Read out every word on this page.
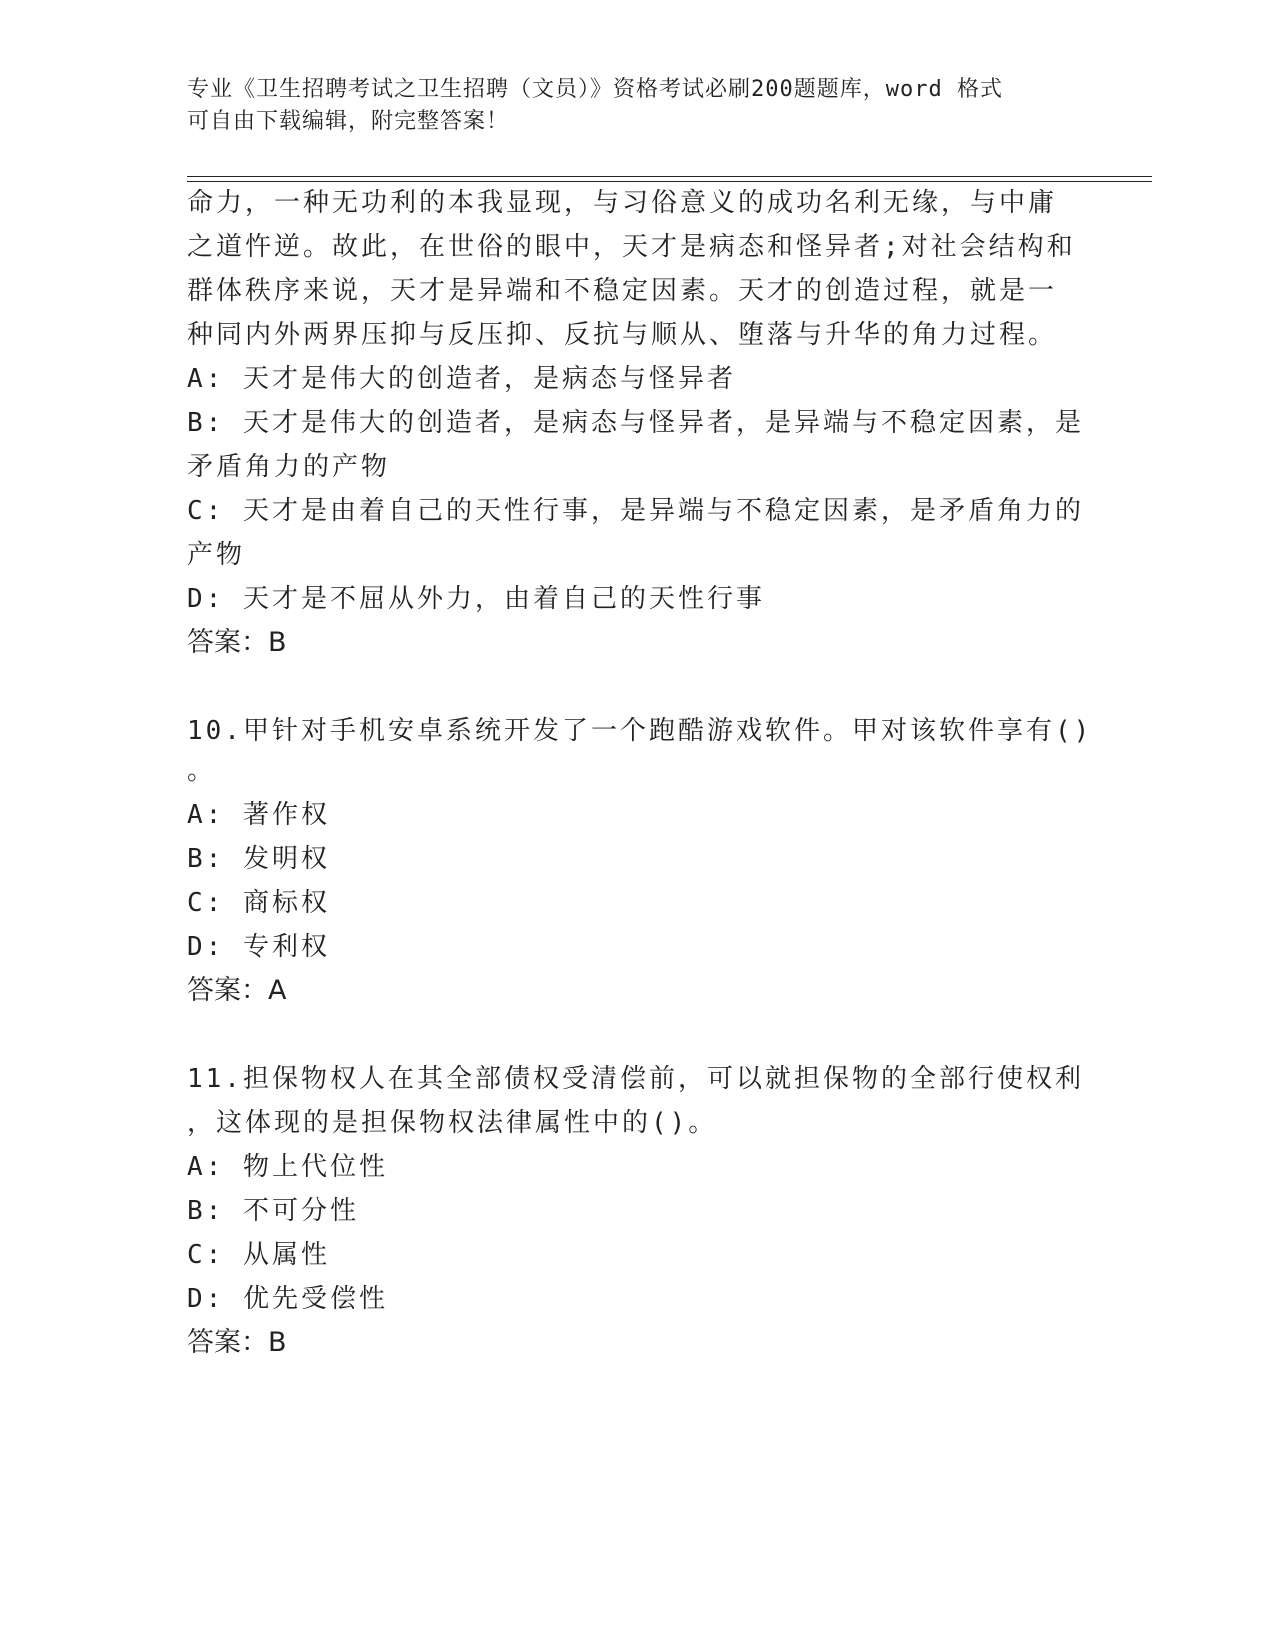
专业《卫生招聘考试之卫生招聘（文员）》资格考试必刷200题题库，word 格式
可自由下载编辑，附完整答案！
命力，一种无功利的本我显现，与习俗意义的成功名利无缘，与中庸
之道忤逆。故此，在世俗的眼中，天才是病态和怪异者;对社会结构和
群体秩序来说，天才是异端和不稳定因素。天才的创造过程，就是一
种同内外两界压抑与反压抑、反抗与顺从、堕落与升华的角力过程。
A: 天才是伟大的创造者，是病态与怪异者
B: 天才是伟大的创造者，是病态与怪异者，是异端与不稳定因素，是
矛盾角力的产物
C: 天才是由着自己的天性行事，是异端与不稳定因素，是矛盾角力的
产物
D: 天才是不屈从外力，由着自己的天性行事
答案：B
10.甲针对手机安卓系统开发了一个跑酷游戏软件。甲对该软件享有()
。
A: 著作权
B: 发明权
C: 商标权
D: 专利权
答案：A
11.担保物权人在其全部债权受清偿前，可以就担保物的全部行使权利
，这体现的是担保物权法律属性中的()。
A: 物上代位性
B: 不可分性
C: 从属性
D: 优先受偿性
答案：B
